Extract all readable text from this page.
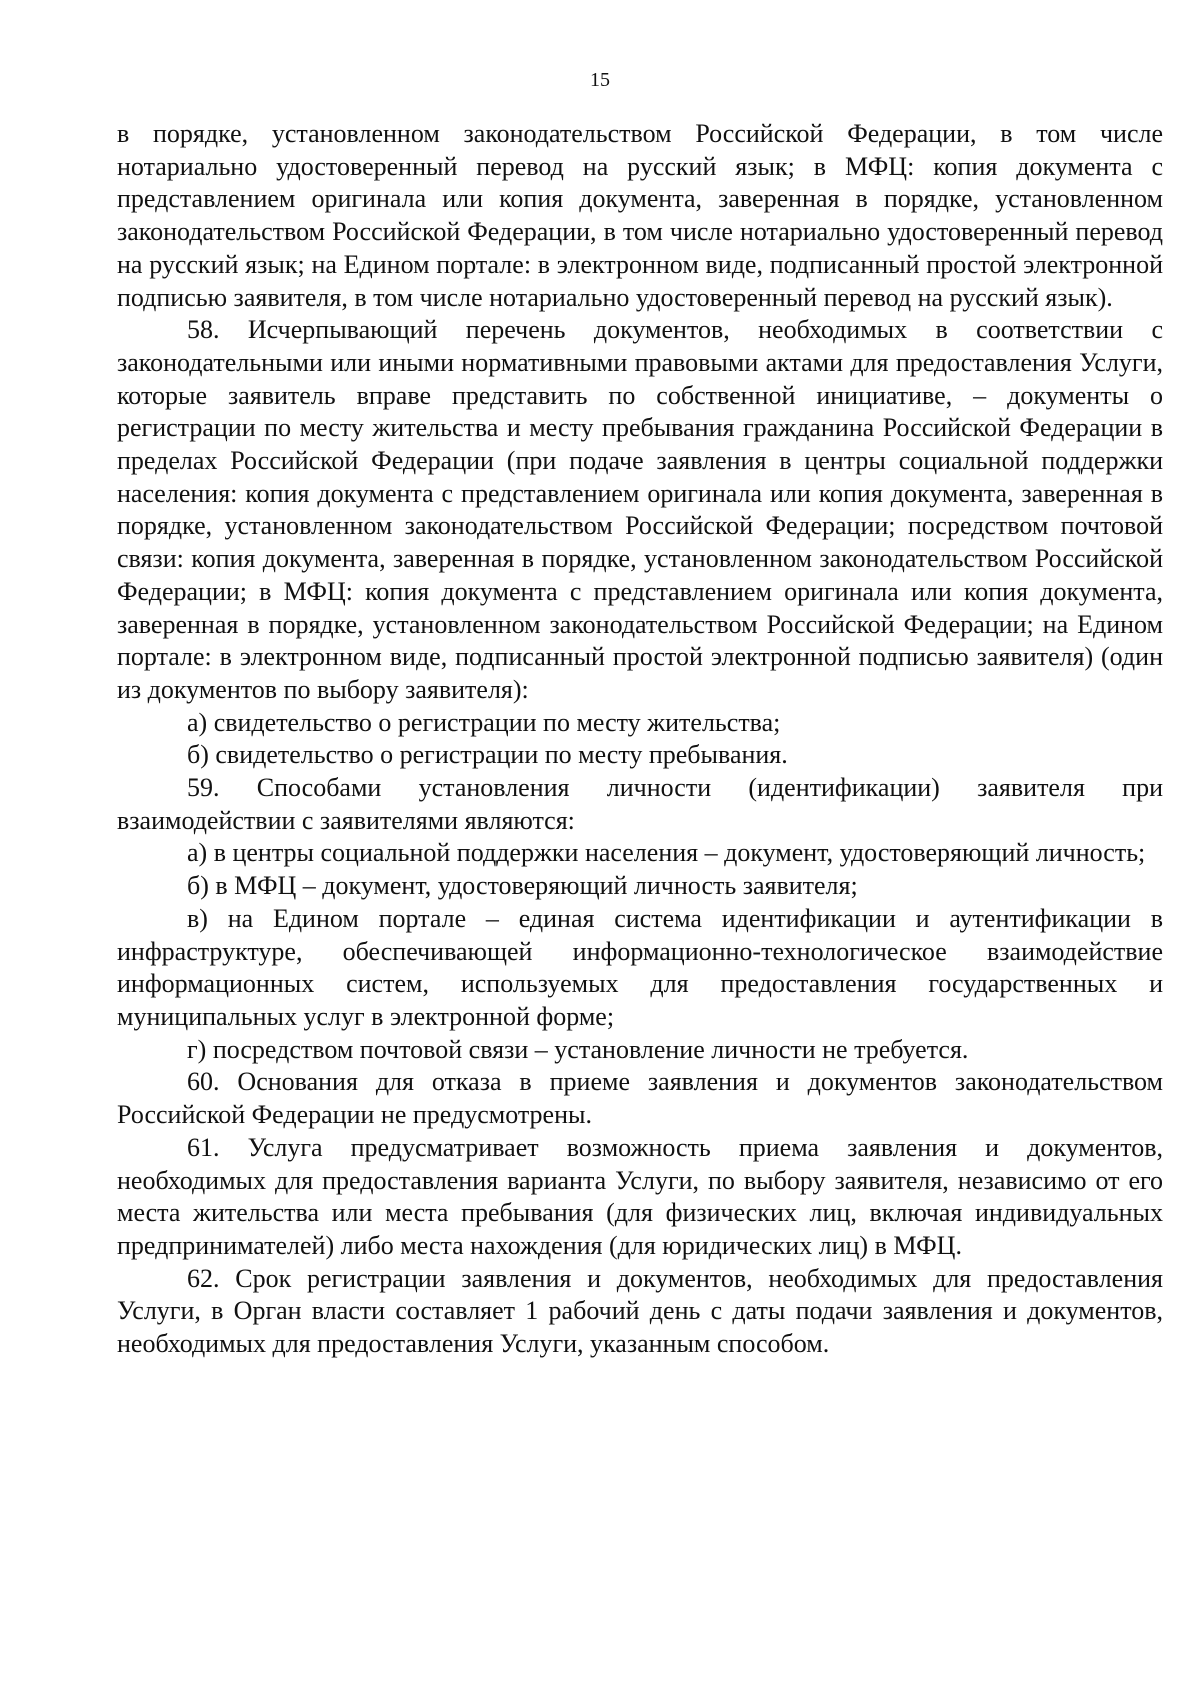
15

в порядке, установленном законодательством Российской Федерации, в том числе нотариально удостоверенный перевод на русский язык; в МФЦ: копия документа с представлением оригинала или копия документа, заверенная в порядке, установленном законодательством Российской Федерации, в том числе нотариально удостоверенный перевод на русский язык; на Едином портале: в электронном виде, подписанный простой электронной подписью заявителя, в том числе нотариально удостоверенный перевод на русский язык).

58. Исчерпывающий перечень документов, необходимых в соответствии с законодательными или иными нормативными правовыми актами для предоставления Услуги, которые заявитель вправе представить по собственной инициативе, – документы о регистрации по месту жительства и месту пребывания гражданина Российской Федерации в пределах Российской Федерации (при подаче заявления в центры социальной поддержки населения: копия документа с представлением оригинала или копия документа, заверенная в порядке, установленном законодательством Российской Федерации; посредством почтовой связи: копия документа, заверенная в порядке, установленном законодательством Российской Федерации; в МФЦ: копия документа с представлением оригинала или копия документа, заверенная в порядке, установленном законодательством Российской Федерации; на Едином портале: в электронном виде, подписанный простой электронной подписью заявителя) (один из документов по выбору заявителя):

а) свидетельство о регистрации по месту жительства;

б) свидетельство о регистрации по месту пребывания.

59. Способами установления личности (идентификации) заявителя при взаимодействии с заявителями являются:

а) в центры социальной поддержки населения – документ, удостоверяющий личность;

б) в МФЦ – документ, удостоверяющий личность заявителя;

в) на Едином портале – единая система идентификации и аутентификации в инфраструктуре, обеспечивающей информационно-технологическое взаимодействие информационных систем, используемых для предоставления государственных и муниципальных услуг в электронной форме;

г) посредством почтовой связи – установление личности не требуется.

60. Основания для отказа в приеме заявления и документов законодательством Российской Федерации не предусмотрены.

61. Услуга предусматривает возможность приема заявления и документов, необходимых для предоставления варианта Услуги, по выбору заявителя, независимо от его места жительства или места пребывания (для физических лиц, включая индивидуальных предпринимателей) либо места нахождения (для юридических лиц) в МФЦ.

62. Срок регистрации заявления и документов, необходимых для предоставления Услуги, в Орган власти составляет 1 рабочий день с даты подачи заявления и документов, необходимых для предоставления Услуги, указанным способом.
